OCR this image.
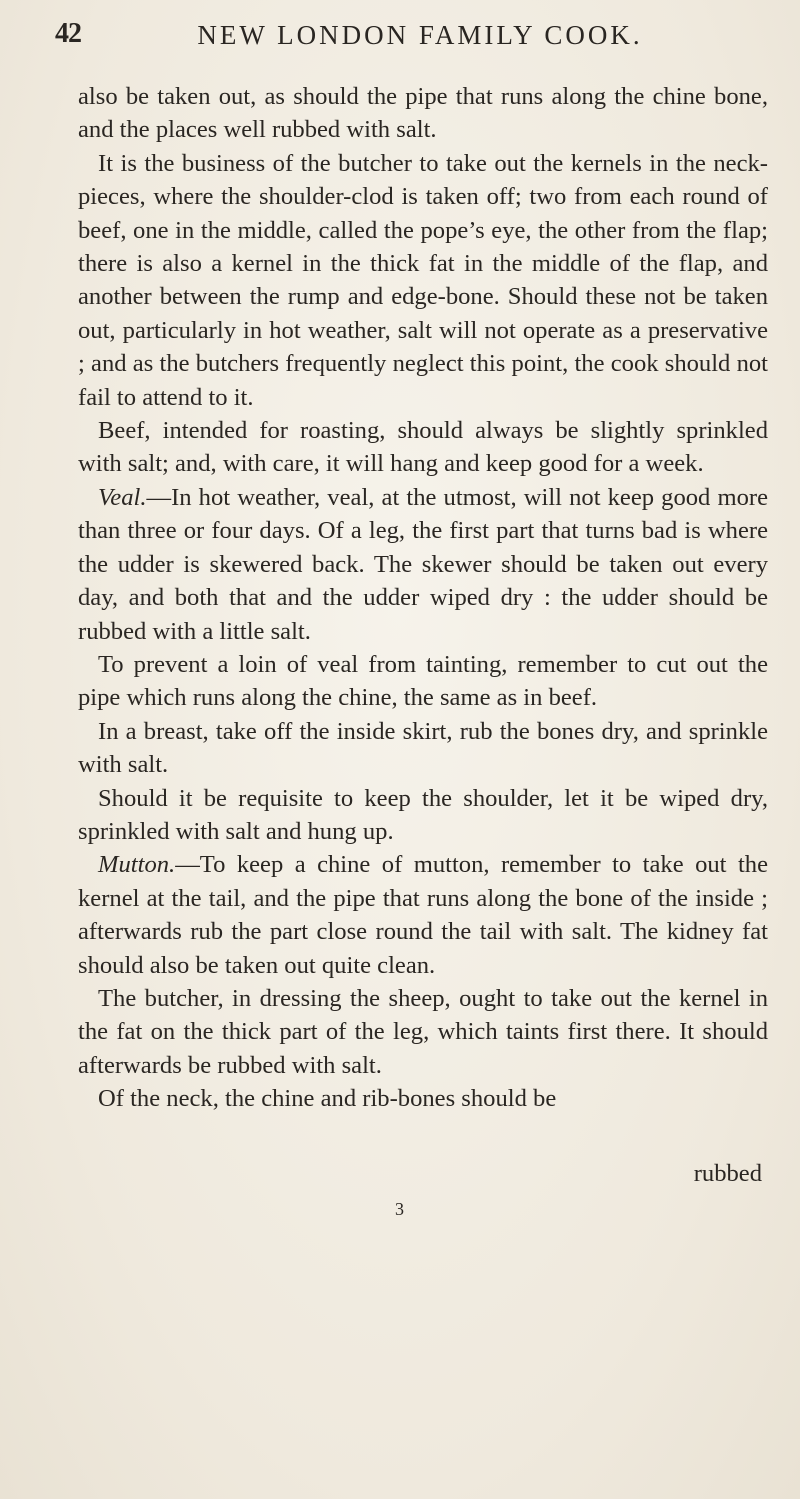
42	NEW LONDON FAMILY COOK.

also be taken out, as should the pipe that runs along the chine bone, and the places well rubbed with salt.

It is the business of the butcher to take out the kernels in the neck-pieces, where the shoulder-clod is taken off; two from each round of beef, one in the middle, called the pope’s eye, the other from the flap; there is also a kernel in the thick fat in the middle of the flap, and another between the rump and edge-bone. Should these not be taken out, particularly in hot weather, salt will not operate as a preservative ; and as the butchers frequently neglect this point, the cook should not fail to attend to it.

Beef, intended for roasting, should always be slightly sprinkled with salt; and, with care, it will hang and keep good for a week.

Veal.—In hot weather, veal, at the utmost, will not keep good more than three or four days. Of a leg, the first part that turns bad is where the udder is skewered back. The skewer should be taken out every day, and both that and the udder wiped dry : the udder should be rubbed with a little salt.

To prevent a loin of veal from tainting, remember to cut out the pipe which runs along the chine, the same as in beef.

In a breast, take off the inside skirt, rub the bones dry, and sprinkle with salt.

Should it be requisite to keep the shoulder, let it be wiped dry, sprinkled with salt and hung up.

Mutton.—To keep a chine of mutton, remember to take out the kernel at the tail, and the pipe that runs along the bone of the inside ; afterwards rub the part close round the tail with salt. The kidney fat should also be taken out quite clean.

The butcher, in dressing the sheep, ought to take out the kernel in the fat on the thick part of the leg, which taints first there. It should afterwards be rubbed with salt.

Of the neck, the chine and rib-bones should be

rubbed
3
